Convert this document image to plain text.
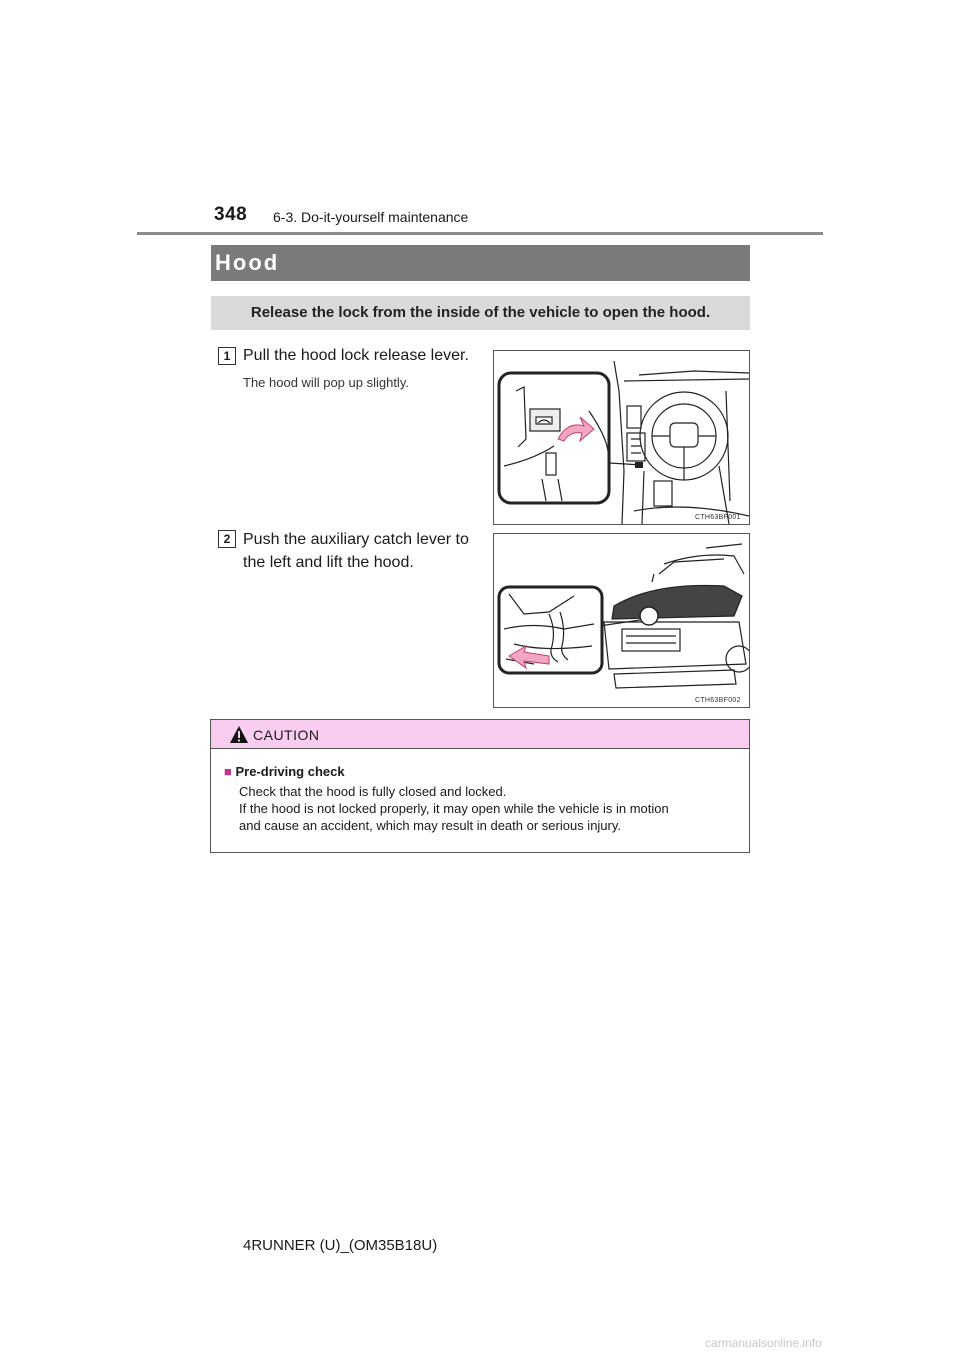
348 6-3. Do-it-yourself maintenance
Hood
Release the lock from the inside of the vehicle to open the hood.
1 Pull the hood lock release lever.
The hood will pop up slightly.
CTH63BF001
2 Push the auxiliary catch lever to
the left and lift the hood.
CTH63BF002
CAUTION
■ Pre-driving check
Check that the hood is fully closed and locked.
If the hood is not locked properly, it may open while the vehicle is in motion
and cause an accident, which may result in death or serious injury.
4RUNNER (U)_(OM35B18U)
carmanualsonline.info
